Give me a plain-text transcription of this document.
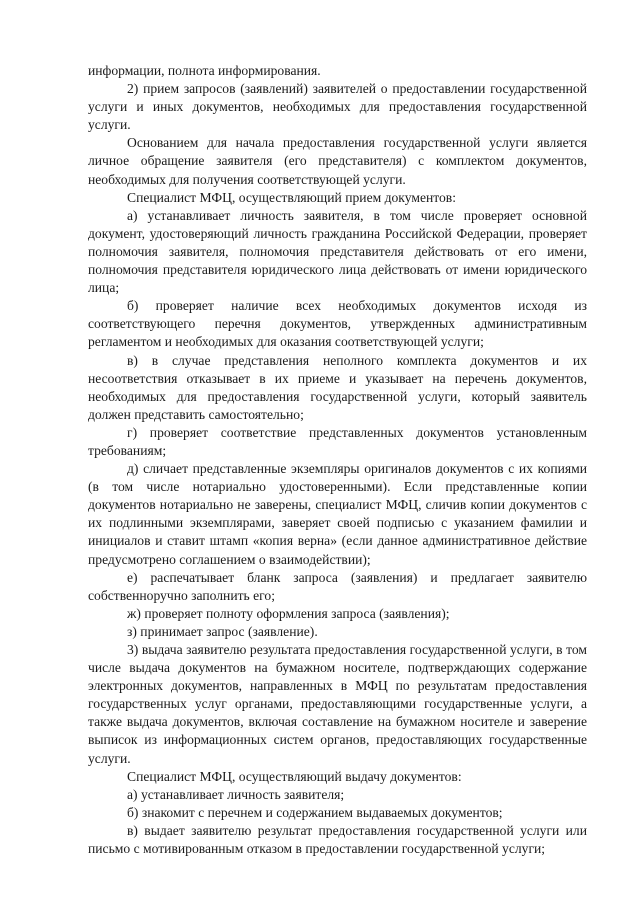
информации, полнота информирования.

2) прием запросов (заявлений) заявителей о предоставлении государственной услуги и иных документов, необходимых для предоставления государственной услуги.

Основанием для начала предоставления государственной услуги является личное обращение заявителя (его представителя) с комплектом документов, необходимых для получения соответствующей услуги.

Специалист МФЦ, осуществляющий прием документов:

а) устанавливает личность заявителя, в том числе проверяет основной документ, удостоверяющий личность гражданина Российской Федерации, проверяет полномочия заявителя, полномочия представителя действовать от его имени, полномочия представителя юридического лица действовать от имени юридического лица;

б) проверяет наличие всех необходимых документов исходя из соответствующего перечня документов, утвержденных административным регламентом и необходимых для оказания соответствующей услуги;

в) в случае представления неполного комплекта документов и их несоответствия отказывает в их приеме и указывает на перечень документов, необходимых для предоставления государственной услуги, который заявитель должен представить самостоятельно;

г) проверяет соответствие представленных документов установленным требованиям;

д) сличает представленные экземпляры оригиналов документов с их копиями (в том числе нотариально удостоверенными). Если представленные копии документов нотариально не заверены, специалист МФЦ, сличив копии документов с их подлинными экземплярами, заверяет своей подписью с указанием фамилии и инициалов и ставит штамп «копия верна» (если данное административное действие предусмотрено соглашением о взаимодействии);

е) распечатывает бланк запроса (заявления) и предлагает заявителю собственноручно заполнить его;

ж) проверяет полноту оформления запроса (заявления);

з) принимает запрос (заявление).

3) выдача заявителю результата предоставления государственной услуги, в том числе выдача документов на бумажном носителе, подтверждающих содержание электронных документов, направленных в МФЦ по результатам предоставления государственных услуг органами, предоставляющими государственные услуги, а также выдача документов, включая составление на бумажном носителе и заверение выписок из информационных систем органов, предоставляющих государственные услуги.

Специалист МФЦ, осуществляющий выдачу документов:

а) устанавливает личность заявителя;

б) знакомит с перечнем и содержанием выдаваемых документов;

в) выдает заявителю результат предоставления государственной услуги или письмо с мотивированным отказом в предоставлении государственной услуги;
